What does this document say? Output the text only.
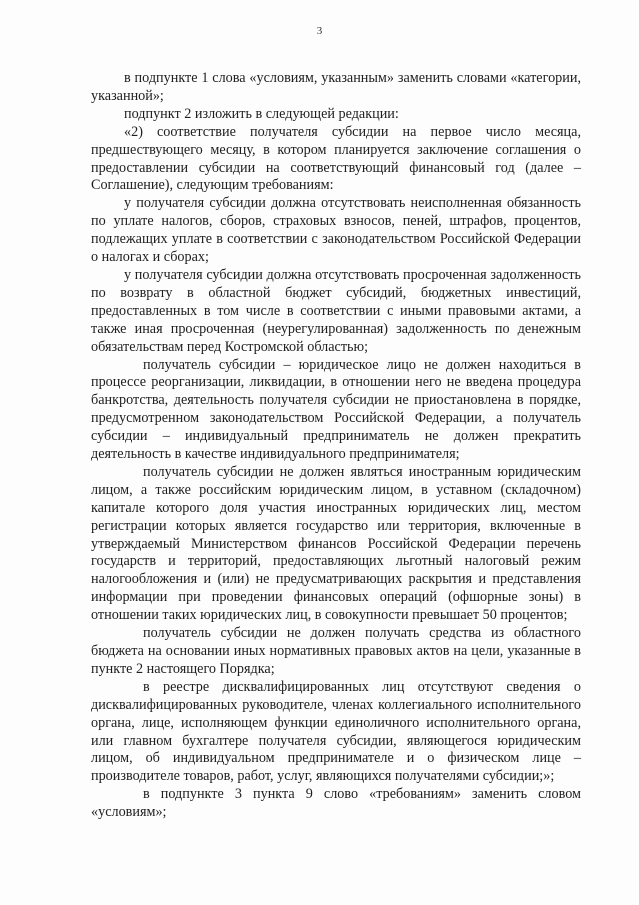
3

в подпункте 1 слова «условиям, указанным» заменить словами «категории, указанной»;

подпункт 2 изложить в следующей редакции:

«2) соответствие получателя субсидии на первое число месяца, предшествующего месяцу, в котором планируется заключение соглашения о предоставлении субсидии на соответствующий финансовый год (далее – Соглашение), следующим требованиям:

у получателя субсидии должна отсутствовать неисполненная обязанность по уплате налогов, сборов, страховых взносов, пеней, штрафов, процентов, подлежащих уплате в соответствии с законодательством Российской Федерации о налогах и сборах;

у получателя субсидии должна отсутствовать просроченная задолженность по возврату в областной бюджет субсидий, бюджетных инвестиций, предоставленных в том числе в соответствии с иными правовыми актами, а также иная просроченная (неурегулированная) задолженность по денежным обязательствам перед Костромской областью;

получатель субсидии – юридическое лицо не должен находиться в процессе реорганизации, ликвидации, в отношении него не введена процедура банкротства, деятельность получателя субсидии не приостановлена в порядке, предусмотренном законодательством Российской Федерации, а получатель субсидии – индивидуальный предприниматель не должен прекратить деятельность в качестве индивидуального предпринимателя;

получатель субсидии не должен являться иностранным юридическим лицом, а также российским юридическим лицом, в уставном (складочном) капитале которого доля участия иностранных юридических лиц, местом регистрации которых является государство или территория, включенные в утверждаемый Министерством финансов Российской Федерации перечень государств и территорий, предоставляющих льготный налоговый режим налогообложения и (или) не предусматривающих раскрытия и представления информации при проведении финансовых операций (офшорные зоны) в отношении таких юридических лиц, в совокупности превышает 50 процентов;

получатель субсидии не должен получать средства из областного бюджета на основании иных нормативных правовых актов на цели, указанные в пункте 2 настоящего Порядка;

в реестре дисквалифицированных лиц отсутствуют сведения о дисквалифицированных руководителе, членах коллегиального исполнительного органа, лице, исполняющем функции единоличного исполнительного органа, или главном бухгалтере получателя субсидии, являющегося юридическим лицом, об индивидуальном предпринимателе и о физическом лице – производителе товаров, работ, услуг, являющихся получателями субсидии;»;

в подпункте 3 пункта 9 слово «требованиям» заменить словом «условиям»;
